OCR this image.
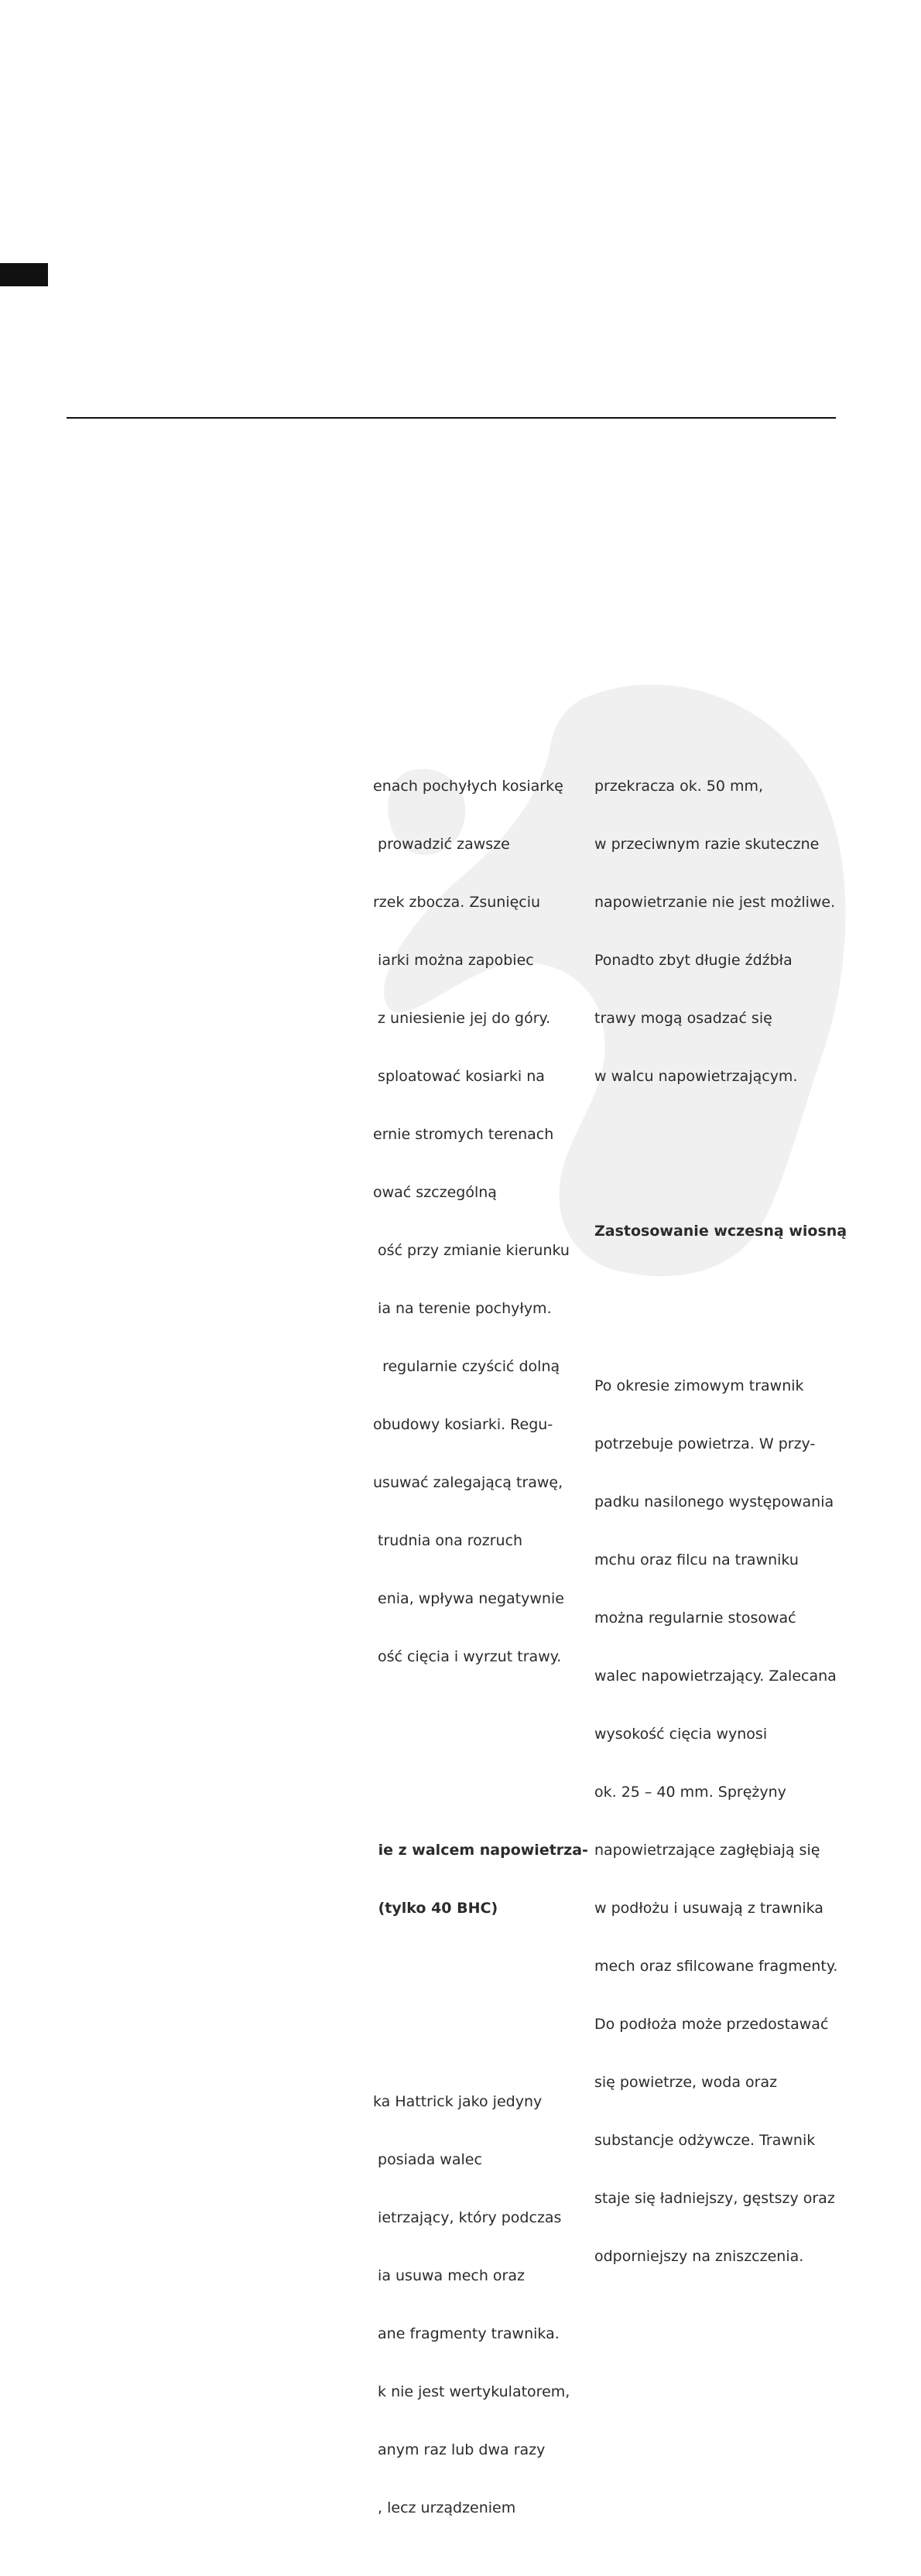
enach pochyłych kosiarkę

prowadzić zawsze

rzek zbocza. Zsunięciu

iarki można zapobiec

z uniesienie jej do góry.

sploatować kosiarki na

ernie stromych terenach

ować szczególną

ość przy zmianie kierunku

ia na terenie pochyłym.

regularnie czyścić dolną

obudowy kosiarki. Regu-

usuwać zalegającą trawę,

trudnia ona rozruch

enia, wpływa negatywnie

ość cięcia i wyrzut trawy.

ie z walcem napowietrza-

(tylko 40 BHC)

ka Hattrick jako jedyny

posiada walec

ietrzający, który podczas

ia usuwa mech oraz

ane fragmenty trawnika.

k nie jest wertykulatorem,

anym raz lub dwa razy

, lecz urządzeniem

przekracza ok. 50 mm,

w przeciwnym razie skuteczne

napowietrzanie nie jest możliwe.

Ponadto zbyt długie źdźbła

trawy mogą osadzać się

w walcu napowietrzającym.

Zastosowanie wczesną wiosną

Po okresie zimowym trawnik

potrzebuje powietrza. W przy-

padku nasilonego występowania

mchu oraz filcu na trawniku

można regularnie stosować

walec napowietrzający. Zalecana

wysokość cięcia wynosi

ok. 25 – 40 mm. Sprężyny

napowietrzające zagłębiają się

w podłożu i usuwają z trawnika

mech oraz sfilcowane fragmenty.

Do podłoża może przedostawać

się powietrze, woda oraz

substancje odżywcze. Trawnik

staje się ładniejszy, gęstszy oraz

odporniejszy na zniszczenia.
